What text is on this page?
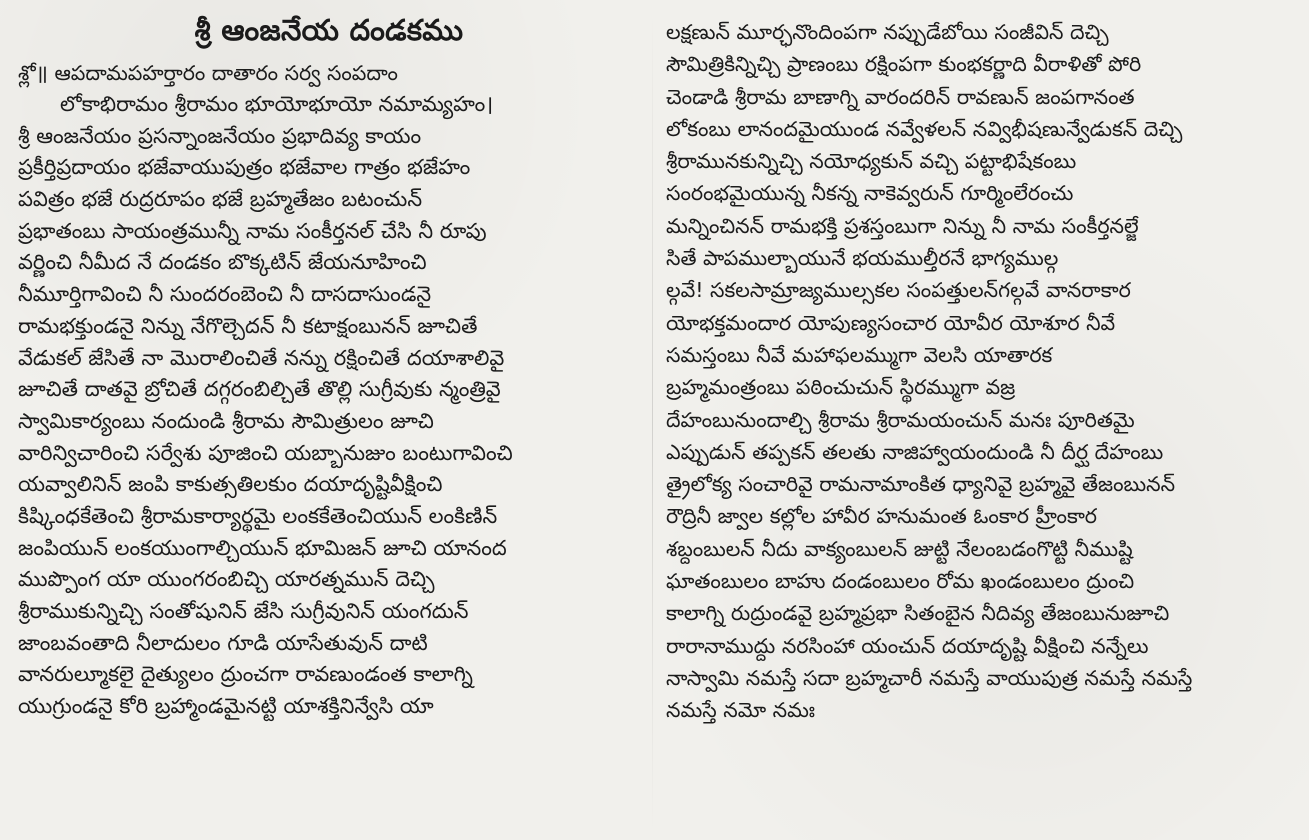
శ్రీ ఆంజనేయ దండకము
శ్లో॥ ఆపదామపహర్తారం దాతారం సర్వ సంపదాం
లోకాభిరామం శ్రీరామం భూయోభూయో నమామ్యహం।
శ్రీ ఆంజనేయం ప్రసన్నాంజనేయం ప్రభాదివ్య కాయం
ప్రకీర్తిప్రదాయం భజేవాయుపుత్రం భజేవాల గాత్రం భజేహం
పవిత్రం భజే రుద్రరూపం భజే బ్రహ్మతేజం బటంచున్
ప్రభాతంబు సాయంత్రమున్నీ నామ సంకీర్తనల్ చేసి నీ రూపు
వర్ణించి నీమీద నే దండకం బొక్కటిన్ జేయనూహించి
నీమూర్తిగావించి నీ సుందరంబెంచి నీ దాసదాసుండనై
రామభక్తుండనై నిన్ను నేగొల్చెదన్ నీ కటాక్షంబునన్ జూచితే
వేడుకల్ జేసితే నా మొరాలించితే నన్ను రక్షించితే దయాశాలివై
జూచితే దాతవై బ్రోచితే దగ్గరంబిల్చితే తొల్లి సుగ్రీవుకు న్మంత్రివై
స్వామికార్యంబు నందుండి శ్రీరామ సౌమిత్రులం జూచి
వారిన్విచారించి సర్వేశు పూజించి యబ్బానుజుం బంటుగావించి
యవ్వాలినిన్ జంపి కాకుత్సతిలకుం దయాదృష్టివీక్షించి
కిష్కింధకేతెంచి శ్రీరామకార్యార్థమై లంకకేతెంచియున్ లంకిణిన్
జంపియున్ లంకయుంగాల్చియున్ భూమిజన్ జూచి యానంద
ముప్పొంగ యా యుంగరంబిచ్చి యారత్నమున్ దెచ్చి
శ్రీరాముకున్నిచ్చి సంతోషునిన్ జేసి సుగ్రీవునిన్ యంగదున్
జాంబవంతాది నీలాదులం గూడి యాసేతువున్ దాటి
వానరుల్మూకలై దైత్యులం ద్రుంచగా రావణుండంత కాలాగ్ని
యుగ్రుండనై కోరి బ్రహ్మాండమైనట్టి యాశక్తినిన్వేసి యా
లక్షణున్ మూర్ఛనొందింపగా నప్పుడేబోయి సంజీవిన్ దెచ్చి
సౌమిత్రికిన్నిచ్చి ప్రాణంబు రక్షింపగా కుంభకర్ణాది వీరాళితో పోరి
చెండాడి శ్రీరామ బాణాగ్ని వారందరిన్ రావణున్ జంపగానంత
లోకంబు లానందమైయుండ నవ్వేళలన్ నవ్విభీషణున్వేడుకన్ దెచ్చి
శ్రీరామునకున్నిచ్చి నయోధ్యకున్ వచ్చి పట్టాభిషేకంబు
సంరంభమైయున్న నీకన్న నాకెవ్వరున్ గూర్మింలేరంచు
మన్నించినన్ రామభక్తి ప్రశస్తంబుగా నిన్ను నీ నామ సంకీర్తనల్జే
సితే పాపముల్బాయునే భయముల్తీరనే భాగ్యముల్గ
ల్గవే! సకలసామ్రాజ్యముల్సకల సంపత్తులన్‌గల్గవే వానరాకార
యోభక్తమందార యోపుణ్యసంచార యోవీర యోశూర నీవే
సమస్తంబు నీవే మహాఫలమ్ముగా వెలసి యాతారక
బ్రహ్మమంత్రంబు పఠించుచున్ స్థిరమ్ముగా వజ్ర
దేహంబునుందాల్చి శ్రీరామ శ్రీరామయంచున్ మనః పూరితమై
ఎప్పుడున్ తప్పకన్ తలతు నాజిహ్వాయందుండి నీ దీర్ఘ దేహంబు
త్రైలోక్య సంచారివై రామనామాంకిత ధ్యానివై బ్రహ్మవై తేజంబునన్
రౌద్రినీ జ్వాల కల్లోల హావీర హనుమంత ఓంకార హ్రీంకార
శబ్దంబులన్ నీదు వాక్యంబులన్ జుట్టి నేలంబడంగొట్టి నీముష్టి
ఘాతంబులం బాహు దండంబులం రోమ ఖండంబులం ద్రుంచి
కాలాగ్ని రుద్రుండవై బ్రహ్మప్రభా సితంబైన నీదివ్య తేజంబునుజూచి
రారానాముద్దు నరసింహా యంచున్ దయాదృష్టి వీక్షించి నన్నేలు
నాస్వామి నమస్తే సదా బ్రహ్మచారీ నమస్తే వాయుపుత్ర నమస్తే నమస్తే
నమస్తే నమో నమః
